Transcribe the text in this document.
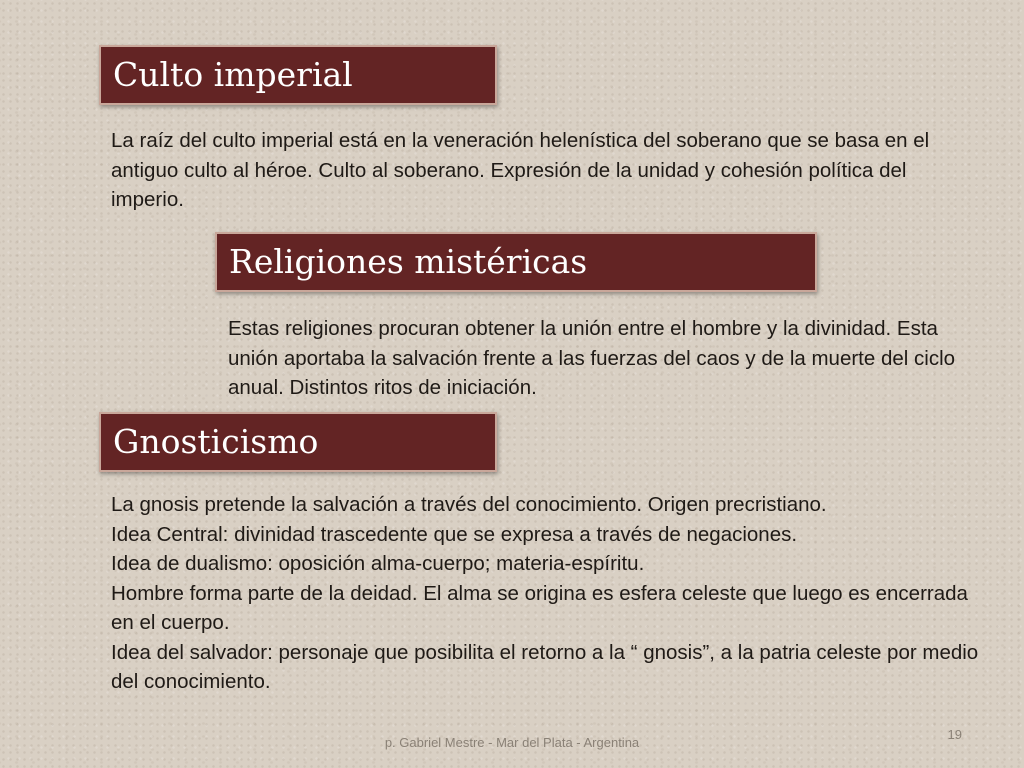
Culto imperial

La raíz del culto imperial está en la veneración helenística del soberano que se basa en el antiguo culto al héroe. Culto al soberano. Expresión de la unidad y cohesión política del imperio.

Religiones mistéricas

Estas religiones procuran obtener la unión entre el hombre y la divinidad. Esta unión aportaba la salvación frente a las fuerzas del caos y de la muerte del ciclo anual. Distintos ritos de iniciación.

Gnosticismo

La gnosis pretende la salvación a través del conocimiento. Origen precristiano.

Idea Central: divinidad trascedente que se expresa a través de negaciones.

Idea de dualismo: oposición alma-cuerpo; materia-espíritu.

Hombre forma parte de la deidad. El alma se origina es esfera celeste que luego es encerrada en el cuerpo.

Idea del salvador: personaje que posibilita el retorno a la “ gnosis”, a la patria celeste por medio del conocimiento.

p. Gabriel Mestre - Mar del Plata - Argentina
19
